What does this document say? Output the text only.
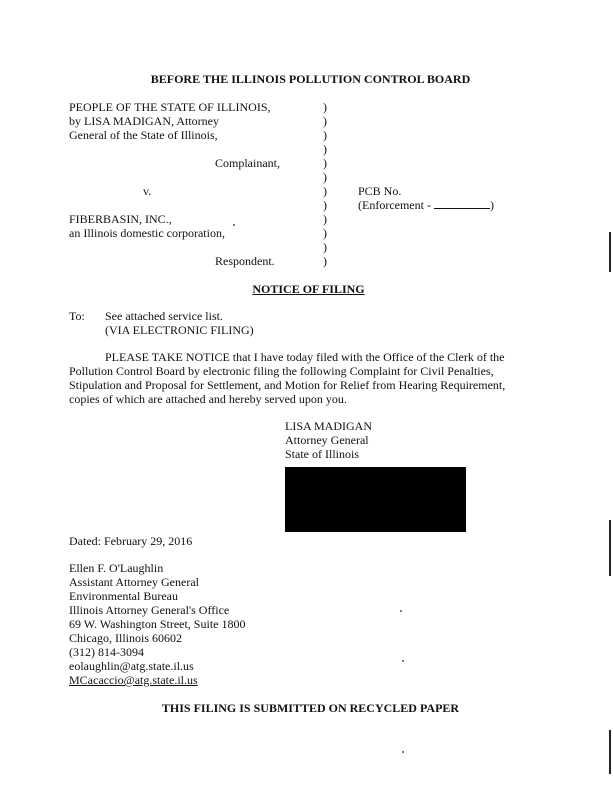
BEFORE THE ILLINOIS POLLUTION CONTROL BOARD
PEOPLE OF THE STATE OF ILLINOIS,
by LISA MADIGAN, Attorney
General of the State of Illinois,
Complainant,
v.
FIBERBASIN, INC.,
an Illinois domestic corporation,
Respondent.
)
)
)
)
)
)
)
)
)
)
)
)
PCB No.
(Enforcement -	)
NOTICE OF FILING
To: See attached service list.
(VIA ELECTRONIC FILING)
PLEASE TAKE NOTICE that I have today filed with the Office of the Clerk of the
Pollution Control Board by electronic filing the following Complaint for Civil Penalties,
Stipulation and Proposal for Settlement, and Motion for Relief from Hearing Requirement,
copies of which are attached and hereby served upon you.
LISA MADIGAN
Attorney General
State of Illinois
Dated: February 29, 2016
Ellen F. O'Laughlin
Assistant Attorney General
Environmental Bureau
Illinois Attorney General's Office
69 W. Washington Street, Suite 1800
Chicago, Illinois 60602
(312) 814-3094
eolaughlin@atg.state.il.us
MCacaccio@atg.state.il.us
THIS FILING IS SUBMITTED ON RECYCLED PAPER
